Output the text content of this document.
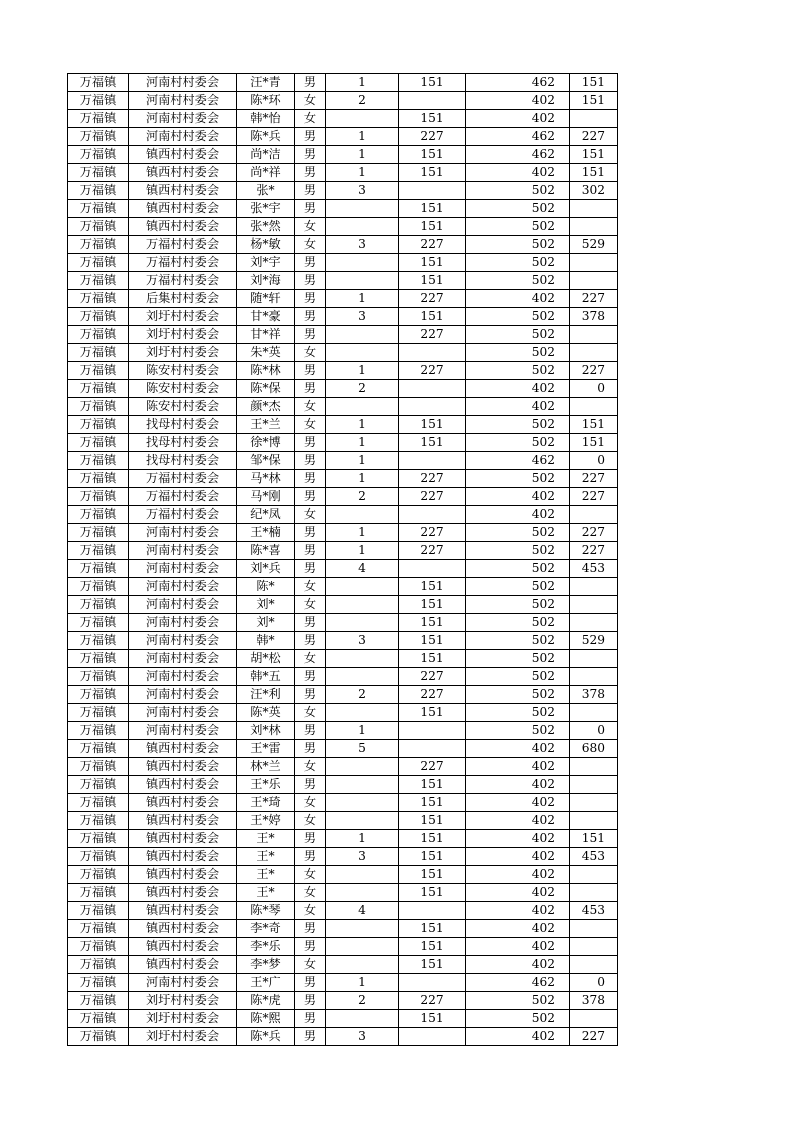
万福镇	河南村村委会	汪*青	男	1	151	462	151
万福镇	河南村村委会	陈*环	女	2		402	151
万福镇	河南村村委会	韩*怡	女		151	402	
万福镇	河南村村委会	陈*兵	男	1	227	462	227
万福镇	镇西村村委会	尚*洁	男	1	151	462	151
万福镇	镇西村村委会	尚*祥	男	1	151	402	151
万福镇	镇西村村委会	张*	男	3		502	302
万福镇	镇西村村委会	张*宇	男		151	502	
万福镇	镇西村村委会	张*然	女		151	502	
万福镇	万福村村委会	杨*敏	女	3	227	502	529
万福镇	万福村村委会	刘*宇	男		151	502	
万福镇	万福村村委会	刘*海	男		151	502	
万福镇	后集村村委会	随*轩	男	1	227	402	227
万福镇	刘圩村村委会	甘*豪	男	3	151	502	378
万福镇	刘圩村村委会	甘*祥	男		227	502	
万福镇	刘圩村村委会	朱*英	女			502	
万福镇	陈安村村委会	陈*林	男	1	227	502	227
万福镇	陈安村村委会	陈*保	男	2		402	0
万福镇	陈安村村委会	颜*杰	女			402	
万福镇	找母村村委会	王*兰	女	1	151	502	151
万福镇	找母村村委会	徐*博	男	1	151	502	151
万福镇	找母村村委会	邹*保	男	1		462	0
万福镇	万福村村委会	马*林	男	1	227	502	227
万福镇	万福村村委会	马*刚	男	2	227	402	227
万福镇	万福村村委会	纪*凤	女			402	
万福镇	河南村村委会	王*楠	男	1	227	502	227
万福镇	河南村村委会	陈*喜	男	1	227	502	227
万福镇	河南村村委会	刘*兵	男	4		502	453
万福镇	河南村村委会	陈*	女		151	502	
万福镇	河南村村委会	刘*	女		151	502	
万福镇	河南村村委会	刘*	男		151	502	
万福镇	河南村村委会	韩*	男	3	151	502	529
万福镇	河南村村委会	胡*松	女		151	502	
万福镇	河南村村委会	韩*五	男		227	502	
万福镇	河南村村委会	汪*利	男	2	227	502	378
万福镇	河南村村委会	陈*英	女		151	502	
万福镇	河南村村委会	刘*林	男	1		502	0
万福镇	镇西村村委会	王*雷	男	5		402	680
万福镇	镇西村村委会	林*兰	女		227	402	
万福镇	镇西村村委会	王*乐	男		151	402	
万福镇	镇西村村委会	王*琦	女		151	402	
万福镇	镇西村村委会	王*婷	女		151	402	
万福镇	镇西村村委会	王*	男	1	151	402	151
万福镇	镇西村村委会	王*	男	3	151	402	453
万福镇	镇西村村委会	王*	女		151	402	
万福镇	镇西村村委会	王*	女		151	402	
万福镇	镇西村村委会	陈*琴	女	4		402	453
万福镇	镇西村村委会	李*奇	男		151	402	
万福镇	镇西村村委会	李*乐	男		151	402	
万福镇	镇西村村委会	李*梦	女		151	402	
万福镇	河南村村委会	王*广	男	1		462	0
万福镇	刘圩村村委会	陈*虎	男	2	227	502	378
万福镇	刘圩村村委会	陈*熙	男		151	502	
万福镇	刘圩村村委会	陈*兵	男	3		402	227
